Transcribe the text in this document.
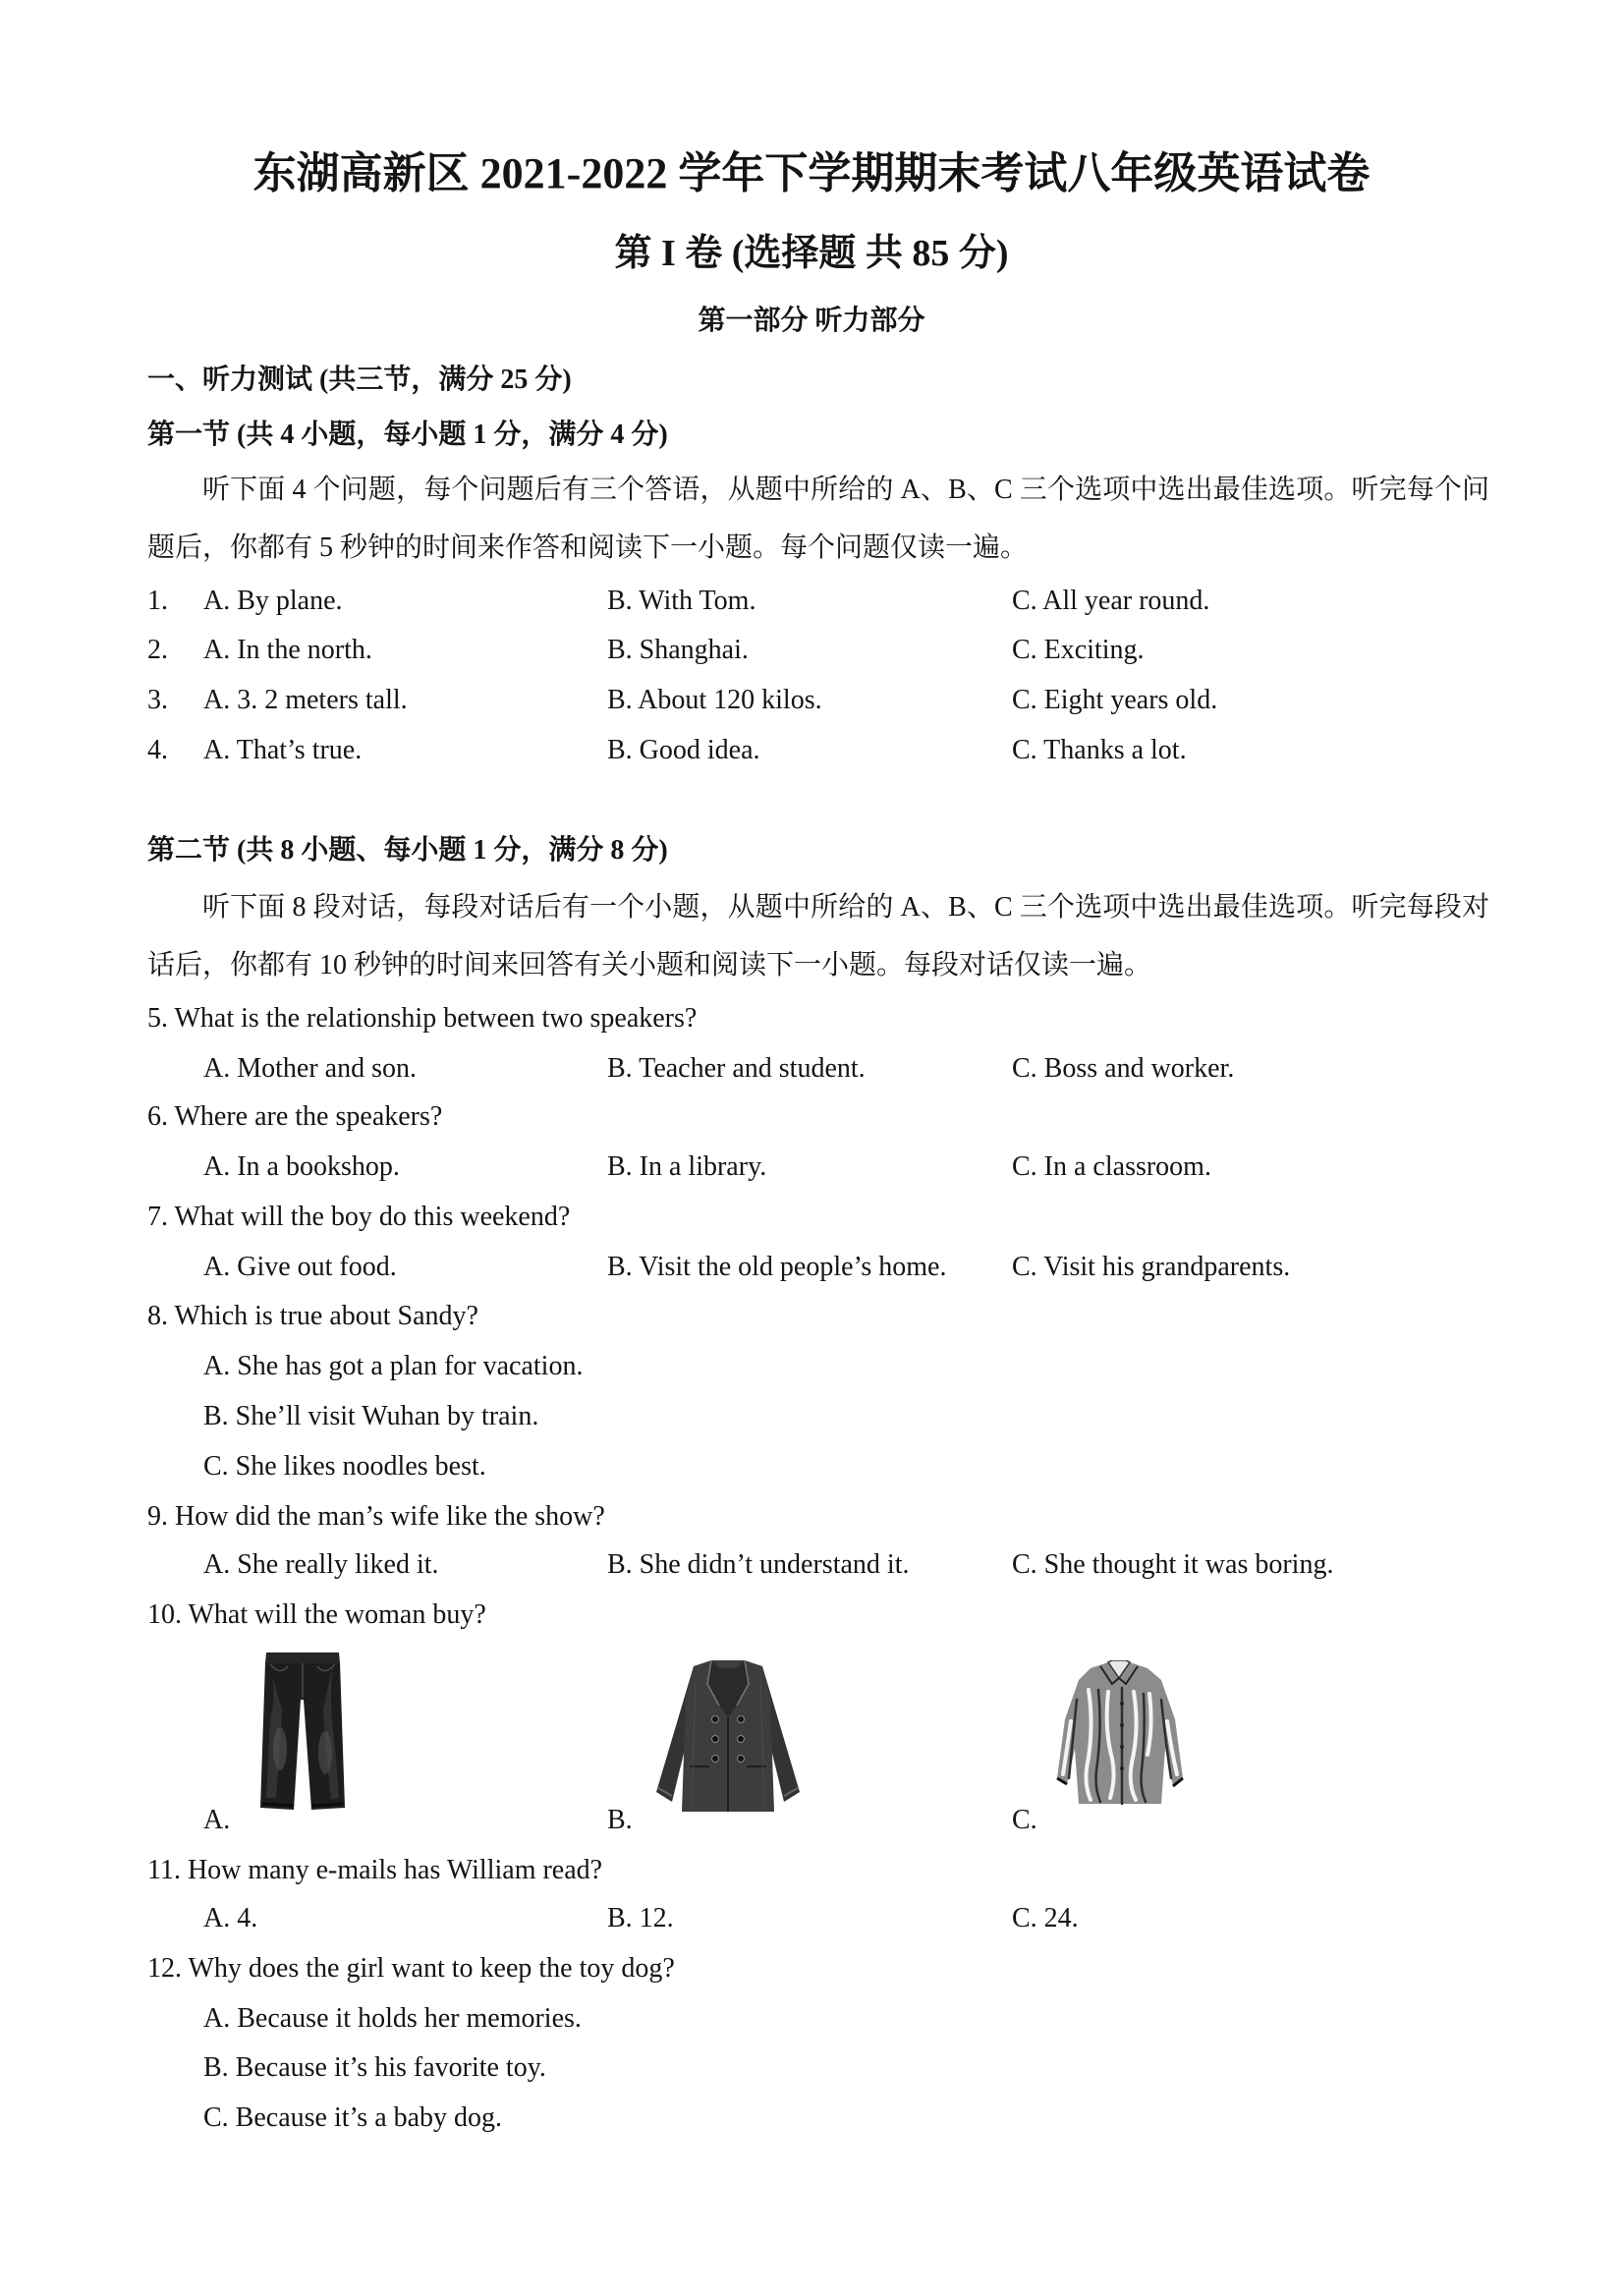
东湖高新区 2021-2022 学年下学期期末考试八年级英语试卷
第 I 卷 (选择题 共 85 分)
第一部分 听力部分
一、听力测试 (共三节，满分 25 分)
第一节 (共 4 小题，每小题 1 分，满分 4 分)
听下面 4 个问题，每个问题后有三个答语，从题中所给的 A、B、C 三个选项中选出最佳选项。听完每个问题后，你都有 5 秒钟的时间来作答和阅读下一小题。每个问题仅读一遍。
1. A. By plane.	B. With Tom.	C. All year round.
2. A. In the north.	B. Shanghai.	C. Exciting.
3. A. 3. 2 meters tall.	B. About 120 kilos.	C. Eight years old.
4. A. That’s true.	B. Good idea.	C. Thanks a lot.
第二节 (共 8 小题、每小题 1 分，满分 8 分)
听下面 8 段对话，每段对话后有一个小题，从题中所给的 A、B、C 三个选项中选出最佳选项。听完每段对话后，你都有 10 秒钟的时间来回答有关小题和阅读下一小题。每段对话仅读一遍。
5. What is the relationship between two speakers?
A. Mother and son.	B. Teacher and student.	C. Boss and worker.
6. Where are the speakers?
A. In a bookshop.	B. In a library.	C. In a classroom.
7. What will the boy do this weekend?
A. Give out food.	B. Visit the old people’s home. C. Visit his grandparents.
8. Which is true about Sandy?
A. She has got a plan for vacation.
B. She’ll visit Wuhan by train.
C. She likes noodles best.
9. How did the man’s wife like the show?
A. She really liked it.	B. She didn’t understand it.	C. She thought it was boring.
10. What will the woman buy?
A.	B.	C.
11. How many e-mails has William read?
A. 4.	B. 12.	C. 24.
12. Why does the girl want to keep the toy dog?
A. Because it holds her memories.
B. Because it’s his favorite toy.
C. Because it’s a baby dog.
